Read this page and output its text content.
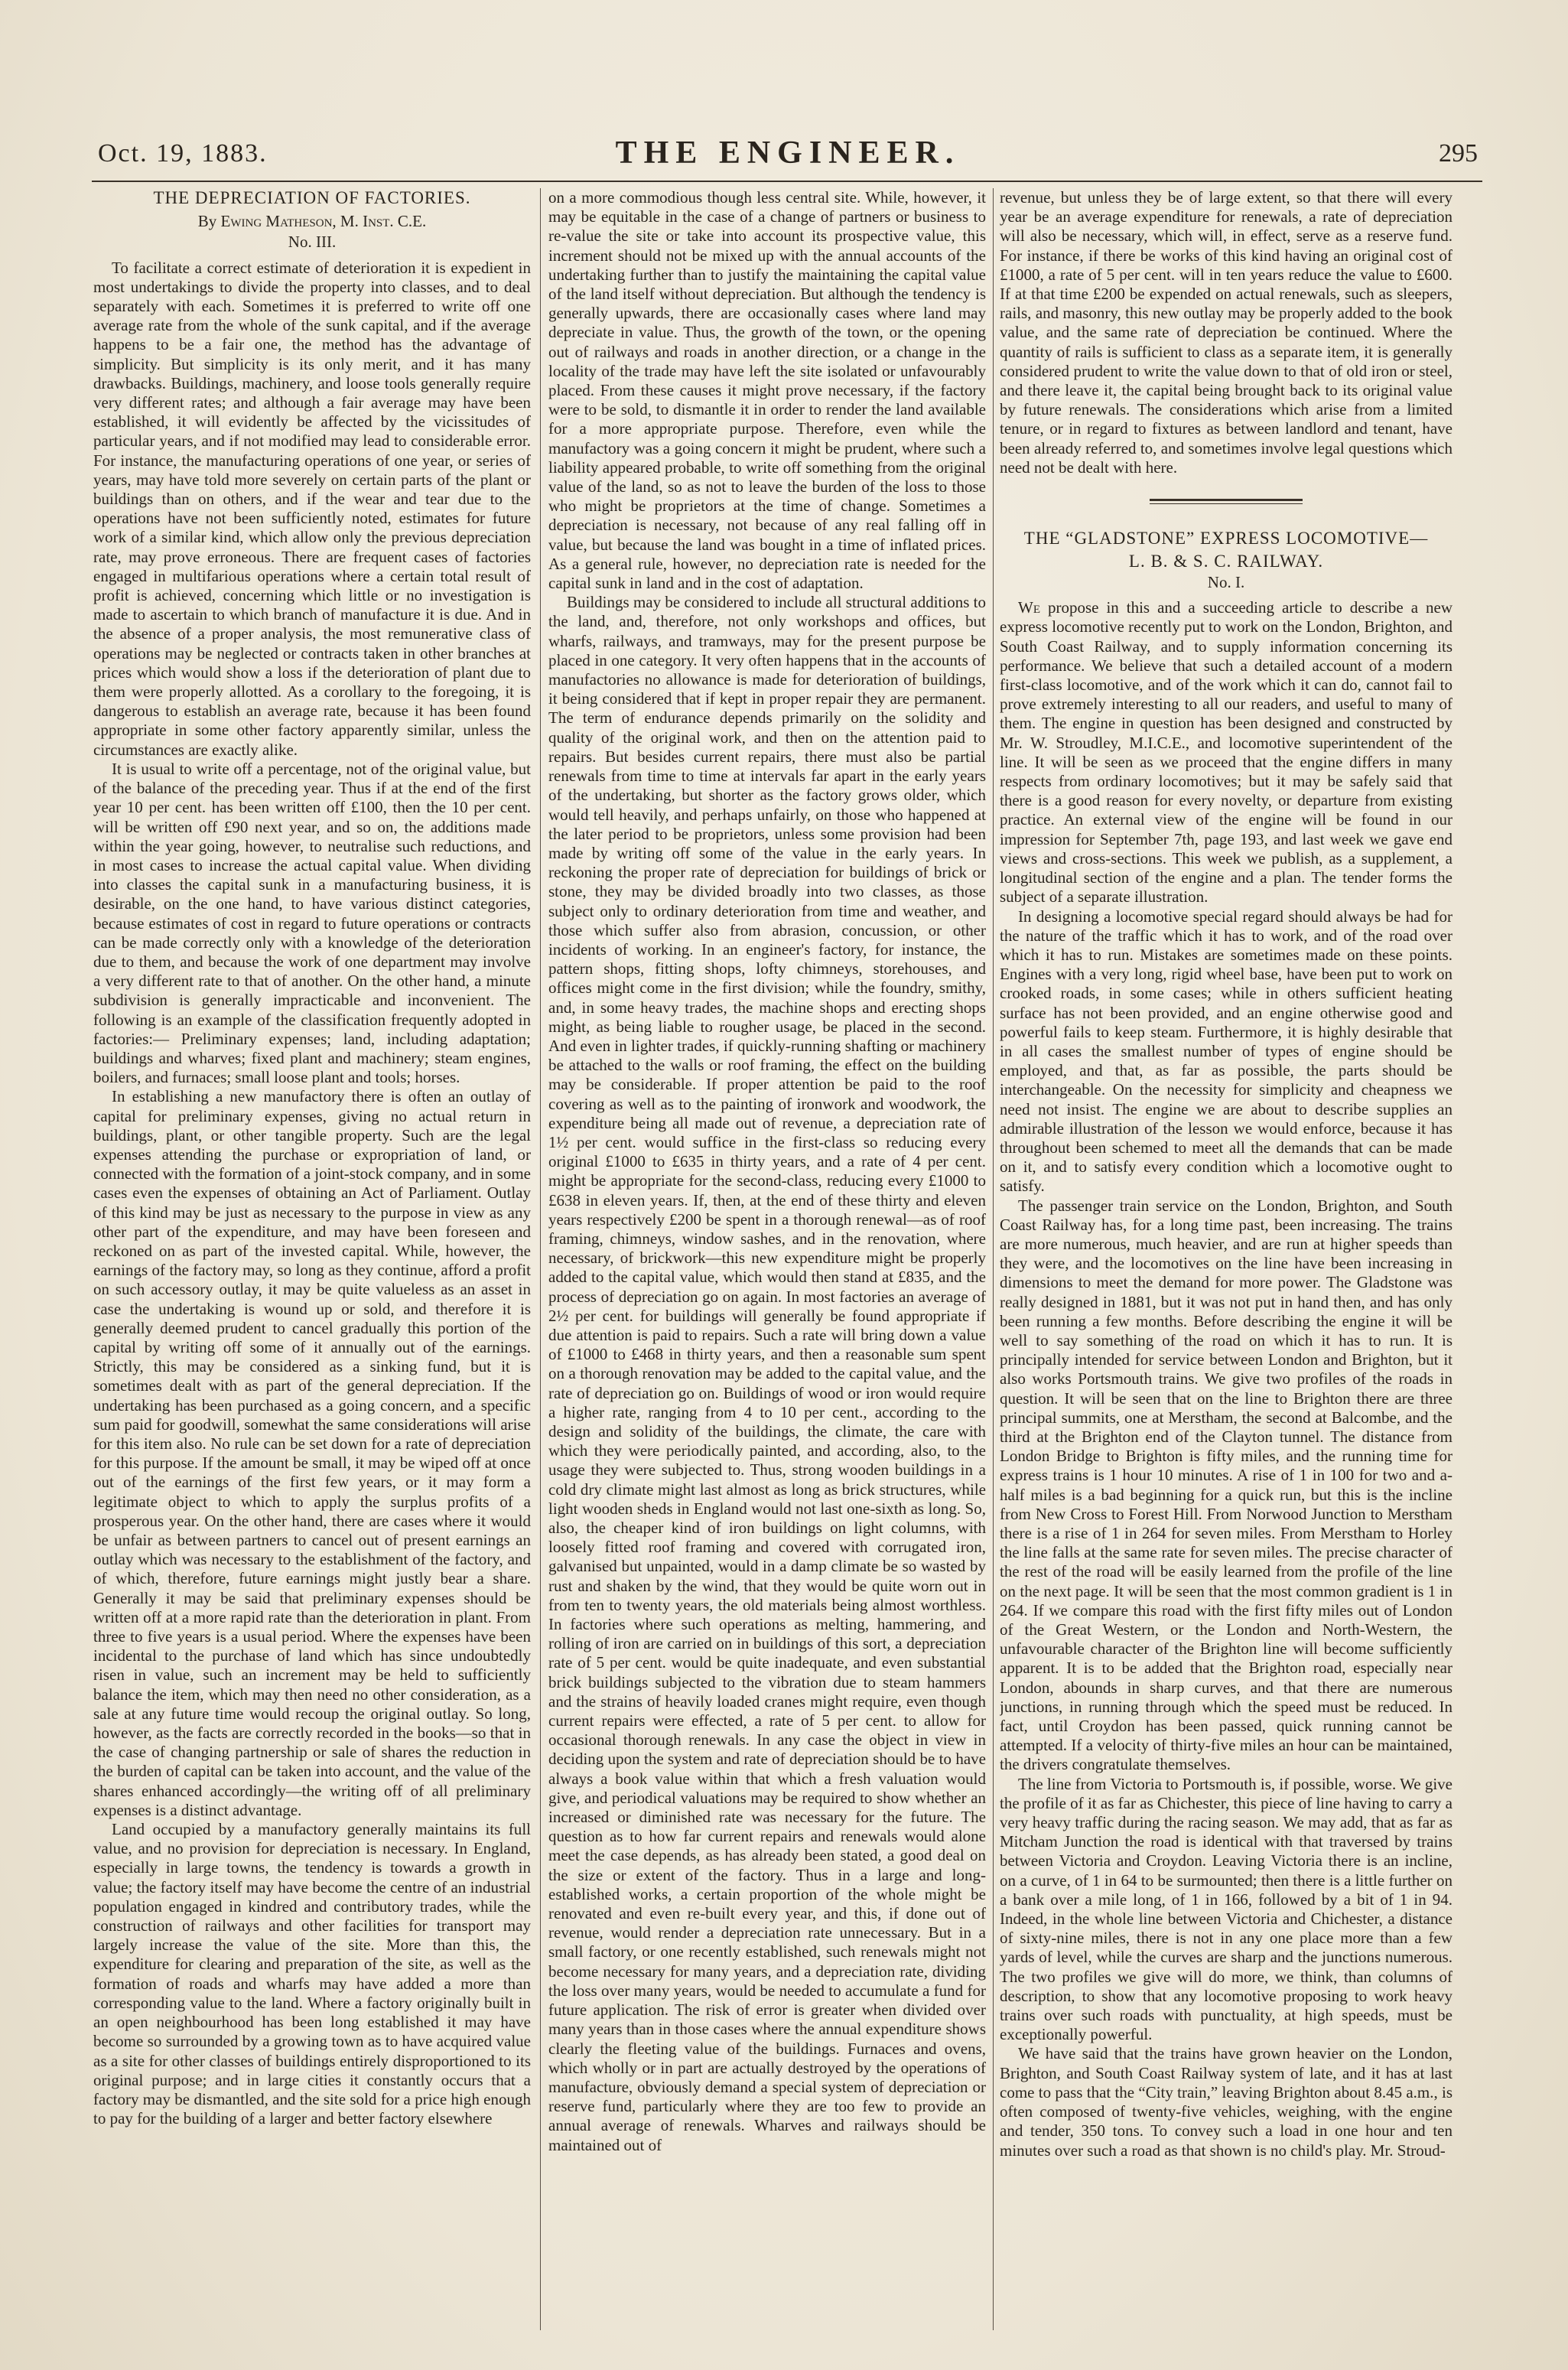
Oct. 19, 1883.	THE ENGINEER.	295
THE DEPRECIATION OF FACTORIES.
By Ewing Matheson, M. Inst. C.E.
No. III.

To facilitate a correct estimate of deterioration it is expedient in most undertakings to divide the property into classes, and to deal separately with each. Sometimes it is preferred to write off one average rate from the whole of the sunk capital, and if the average happens to be a fair one, the method has the advantage of simplicity. But simplicity is its only merit, and it has many drawbacks. Buildings, machinery, and loose tools generally require very different rates; and although a fair average may have been established, it will evidently be affected by the vicissitudes of particular years, and if not modified may lead to considerable error. For instance, the manufacturing operations of one year, or series of years, may have told more severely on certain parts of the plant or buildings than on others, and if the wear and tear due to the operations have not been sufficiently noted, estimates for future work of a similar kind, which allow only the previous depreciation rate, may prove erroneous. There are frequent cases of factories engaged in multifarious operations where a certain total result of profit is achieved, concerning which little or no investigation is made to ascertain to which branch of manufacture it is due. And in the absence of a proper analysis, the most remunerative class of operations may be neglected or contracts taken in other branches at prices which would show a loss if the deterioration of plant due to them were properly allotted. As a corollary to the foregoing, it is dangerous to establish an average rate, because it has been found appropriate in some other factory apparently similar, unless the circumstances are exactly alike.

It is usual to write off a percentage, not of the original value, but of the balance of the preceding year. Thus if at the end of the first year 10 per cent. has been written off £100, then the 10 per cent. will be written off £90 next year, and so on, the additions made within the year going, however, to neutralise such reductions, and in most cases to increase the actual capital value. When dividing into classes the capital sunk in a manufacturing business, it is desirable, on the one hand, to have various distinct categories, because estimates of cost in regard to future operations or contracts can be made correctly only with a knowledge of the deterioration due to them, and because the work of one department may involve a very different rate to that of another. On the other hand, a minute subdivision is generally impracticable and inconvenient. The following is an example of the classification frequently adopted in factories:— Preliminary expenses; land, including adaptation; buildings and wharves; fixed plant and machinery; steam engines, boilers, and furnaces; small loose plant and tools; horses.

In establishing a new manufactory there is often an outlay of capital for preliminary expenses, giving no actual return in buildings, plant, or other tangible property. Such are the legal expenses attending the purchase or expropriation of land, or connected with the formation of a joint-stock company, and in some cases even the expenses of obtaining an Act of Parliament. Outlay of this kind may be just as necessary to the purpose in view as any other part of the expenditure, and may have been foreseen and reckoned on as part of the invested capital. While, however, the earnings of the factory may, so long as they continue, afford a profit on such accessory outlay, it may be quite valueless as an asset in case the undertaking is wound up or sold, and therefore it is generally deemed prudent to cancel gradually this portion of the capital by writing off some of it annually out of the earnings. Strictly, this may be considered as a sinking fund, but it is sometimes dealt with as part of the general depreciation. If the undertaking has been purchased as a going concern, and a specific sum paid for goodwill, somewhat the same considerations will arise for this item also. No rule can be set down for a rate of depreciation for this purpose. If the amount be small, it may be wiped off at once out of the earnings of the first few years, or it may form a legitimate object to which to apply the surplus profits of a prosperous year. On the other hand, there are cases where it would be unfair as between partners to cancel out of present earnings an outlay which was necessary to the establishment of the factory, and of which, therefore, future earnings might justly bear a share. Generally it may be said that preliminary expenses should be written off at a more rapid rate than the deterioration in plant. From three to five years is a usual period. Where the expenses have been incidental to the purchase of land which has since undoubtedly risen in value, such an increment may be held to sufficiently balance the item, which may then need no other consideration, as a sale at any future time would recoup the original outlay. So long, however, as the facts are correctly recorded in the books—so that in the case of changing partnership or sale of shares the reduction in the burden of capital can be taken into account, and the value of the shares enhanced accordingly—the writing off of all preliminary expenses is a distinct advantage.

Land occupied by a manufactory generally maintains its full value, and no provision for depreciation is necessary. In England, especially in large towns, the tendency is towards a growth in value; the factory itself may have become the centre of an industrial population engaged in kindred and contributory trades, while the construction of railways and other facilities for transport may largely increase the value of the site. More than this, the expenditure for clearing and preparation of the site, as well as the formation of roads and wharfs may have added a more than corresponding value to the land. Where a factory originally built in an open neighbourhood has been long established it may have become so surrounded by a growing town as to have acquired value as a site for other classes of buildings entirely disproportioned to its original purpose; and in large cities it constantly occurs that a factory may be dismantled, and the site sold for a price high enough to pay for the building of a larger and better factory elsewhere

on a more commodious though less central site. While, however, it may be equitable in the case of a change of partners or business to re-value the site or take into account its prospective value, this increment should not be mixed up with the annual accounts of the undertaking further than to justify the maintaining the capital value of the land itself without depreciation. But although the tendency is generally upwards, there are occasionally cases where land may depreciate in value. Thus, the growth of the town, or the opening out of railways and roads in another direction, or a change in the locality of the trade may have left the site isolated or unfavourably placed. From these causes it might prove necessary, if the factory were to be sold, to dismantle it in order to render the land available for a more appropriate purpose. Therefore, even while the manufactory was a going concern it might be prudent, where such a liability appeared probable, to write off something from the original value of the land, so as not to leave the burden of the loss to those who might be proprietors at the time of change. Sometimes a depreciation is necessary, not because of any real falling off in value, but because the land was bought in a time of inflated prices. As a general rule, however, no depreciation rate is needed for the capital sunk in land and in the cost of adaptation.

Buildings may be considered to include all structural additions to the land, and, therefore, not only workshops and offices, but wharfs, railways, and tramways, may for the present purpose be placed in one category. It very often happens that in the accounts of manufactories no allowance is made for deterioration of buildings, it being considered that if kept in proper repair they are permanent. The term of endurance depends primarily on the solidity and quality of the original work, and then on the attention paid to repairs. But besides current repairs, there must also be partial renewals from time to time at intervals far apart in the early years of the undertaking, but shorter as the factory grows older, which would tell heavily, and perhaps unfairly, on those who happened at the later period to be proprietors, unless some provision had been made by writing off some of the value in the early years. In reckoning the proper rate of depreciation for buildings of brick or stone, they may be divided broadly into two classes, as those subject only to ordinary deterioration from time and weather, and those which suffer also from abrasion, concussion, or other incidents of working. In an engineer's factory, for instance, the pattern shops, fitting shops, lofty chimneys, storehouses, and offices might come in the first division; while the foundry, smithy, and, in some heavy trades, the machine shops and erecting shops might, as being liable to rougher usage, be placed in the second. And even in lighter trades, if quickly-running shafting or machinery be attached to the walls or roof framing, the effect on the building may be considerable. If proper attention be paid to the roof covering as well as to the painting of ironwork and woodwork, the expenditure being all made out of revenue, a depreciation rate of 1½ per cent. would suffice in the first-class so reducing every original £1000 to £635 in thirty years, and a rate of 4 per cent. might be appropriate for the second-class, reducing every £1000 to £638 in eleven years. If, then, at the end of these thirty and eleven years respectively £200 be spent in a thorough renewal—as of roof framing, chimneys, window sashes, and in the renovation, where necessary, of brickwork—this new expenditure might be properly added to the capital value, which would then stand at £835, and the process of depreciation go on again. In most factories an average of 2½ per cent. for buildings will generally be found appropriate if due attention is paid to repairs. Such a rate will bring down a value of £1000 to £468 in thirty years, and then a reasonable sum spent on a thorough renovation may be added to the capital value, and the rate of depreciation go on. Buildings of wood or iron would require a higher rate, ranging from 4 to 10 per cent., according to the design and solidity of the buildings, the climate, the care with which they were periodically painted, and according, also, to the usage they were subjected to. Thus, strong wooden buildings in a cold dry climate might last almost as long as brick structures, while light wooden sheds in England would not last one-sixth as long. So, also, the cheaper kind of iron buildings on light columns, with loosely fitted roof framing and covered with corrugated iron, galvanised but unpainted, would in a damp climate be so wasted by rust and shaken by the wind, that they would be quite worn out in from ten to twenty years, the old materials being almost worthless. In factories where such operations as melting, hammering, and rolling of iron are carried on in buildings of this sort, a depreciation rate of 5 per cent. would be quite inadequate, and even substantial brick buildings subjected to the vibration due to steam hammers and the strains of heavily loaded cranes might require, even though current repairs were effected, a rate of 5 per cent. to allow for occasional thorough renewals. In any case the object in view in deciding upon the system and rate of depreciation should be to have always a book value within that which a fresh valuation would give, and periodical valuations may be required to show whether an increased or diminished rate was necessary for the future. The question as to how far current repairs and renewals would alone meet the case depends, as has already been stated, a good deal on the size or extent of the factory. Thus in a large and long-established works, a certain proportion of the whole might be renovated and even re-built every year, and this, if done out of revenue, would render a depreciation rate unnecessary. But in a small factory, or one recently established, such renewals might not become necessary for many years, and a depreciation rate, dividing the loss over many years, would be needed to accumulate a fund for future application. The risk of error is greater when divided over many years than in those cases where the annual expenditure shows clearly the fleeting value of the buildings. Furnaces and ovens, which wholly or in part are actually destroyed by the operations of manufacture, obviously demand a special system of depreciation or reserve fund, particularly where they are too few to provide an annual average of renewals. Wharves and railways should be maintained out of

revenue, but unless they be of large extent, so that there will every year be an average expenditure for renewals, a rate of depreciation will also be necessary, which will, in effect, serve as a reserve fund. For instance, if there be works of this kind having an original cost of £1000, a rate of 5 per cent. will in ten years reduce the value to £600. If at that time £200 be expended on actual renewals, such as sleepers, rails, and masonry, this new outlay may be properly added to the book value, and the same rate of depreciation be continued. Where the quantity of rails is sufficient to class as a separate item, it is generally considered prudent to write the value down to that of old iron or steel, and there leave it, the capital being brought back to its original value by future renewals. The considerations which arise from a limited tenure, or in regard to fixtures as between landlord and tenant, have been already referred to, and sometimes involve legal questions which need not be dealt with here.

THE “GLADSTONE” EXPRESS LOCOMOTIVE—
L. B. & S. C. RAILWAY.
No. I.

We propose in this and a succeeding article to describe a new express locomotive recently put to work on the London, Brighton, and South Coast Railway, and to supply information concerning its performance. We believe that such a detailed account of a modern first-class locomotive, and of the work which it can do, cannot fail to prove extremely interesting to all our readers, and useful to many of them. The engine in question has been designed and constructed by Mr. W. Stroudley, M.I.C.E., and locomotive superintendent of the line. It will be seen as we proceed that the engine differs in many respects from ordinary locomotives; but it may be safely said that there is a good reason for every novelty, or departure from existing practice. An external view of the engine will be found in our impression for September 7th, page 193, and last week we gave end views and cross-sections. This week we publish, as a supplement, a longitudinal section of the engine and a plan. The tender forms the subject of a separate illustration.

In designing a locomotive special regard should always be had for the nature of the traffic which it has to work, and of the road over which it has to run. Mistakes are sometimes made on these points. Engines with a very long, rigid wheel base, have been put to work on crooked roads, in some cases; while in others sufficient heating surface has not been provided, and an engine otherwise good and powerful fails to keep steam. Furthermore, it is highly desirable that in all cases the smallest number of types of engine should be employed, and that, as far as possible, the parts should be interchangeable. On the necessity for simplicity and cheapness we need not insist. The engine we are about to describe supplies an admirable illustration of the lesson we would enforce, because it has throughout been schemed to meet all the demands that can be made on it, and to satisfy every condition which a locomotive ought to satisfy.

The passenger train service on the London, Brighton, and South Coast Railway has, for a long time past, been increasing. The trains are more numerous, much heavier, and are run at higher speeds than they were, and the locomotives on the line have been increasing in dimensions to meet the demand for more power. The Gladstone was really designed in 1881, but it was not put in hand then, and has only been running a few months. Before describing the engine it will be well to say something of the road on which it has to run. It is principally intended for service between London and Brighton, but it also works Portsmouth trains. We give two profiles of the roads in question. It will be seen that on the line to Brighton there are three principal summits, one at Merstham, the second at Balcombe, and the third at the Brighton end of the Clayton tunnel. The distance from London Bridge to Brighton is fifty miles, and the running time for express trains is 1 hour 10 minutes. A rise of 1 in 100 for two and a-half miles is a bad beginning for a quick run, but this is the incline from New Cross to Forest Hill. From Norwood Junction to Merstham there is a rise of 1 in 264 for seven miles. From Merstham to Horley the line falls at the same rate for seven miles. The precise character of the rest of the road will be easily learned from the profile of the line on the next page. It will be seen that the most common gradient is 1 in 264. If we compare this road with the first fifty miles out of London of the Great Western, or the London and North-Western, the unfavourable character of the Brighton line will become sufficiently apparent. It is to be added that the Brighton road, especially near London, abounds in sharp curves, and that there are numerous junctions, in running through which the speed must be reduced. In fact, until Croydon has been passed, quick running cannot be attempted. If a velocity of thirty-five miles an hour can be maintained, the drivers congratulate themselves.

The line from Victoria to Portsmouth is, if possible, worse. We give the profile of it as far as Chichester, this piece of line having to carry a very heavy traffic during the racing season. We may add, that as far as Mitcham Junction the road is identical with that traversed by trains between Victoria and Croydon. Leaving Victoria there is an incline, on a curve, of 1 in 64 to be surmounted; then there is a little further on a bank over a mile long, of 1 in 166, followed by a bit of 1 in 94. Indeed, in the whole line between Victoria and Chichester, a distance of sixty-nine miles, there is not in any one place more than a few yards of level, while the curves are sharp and the junctions numerous. The two profiles we give will do more, we think, than columns of description, to show that any locomotive proposing to work heavy trains over such roads with punctuality, at high speeds, must be exceptionally powerful.

We have said that the trains have grown heavier on the London, Brighton, and South Coast Railway system of late, and it has at last come to pass that the “City train,” leaving Brighton about 8.45 a.m., is often composed of twenty-five vehicles, weighing, with the engine and tender, 350 tons. To convey such a load in one hour and ten minutes over such a road as that shown is no child's play. Mr. Stroud-
